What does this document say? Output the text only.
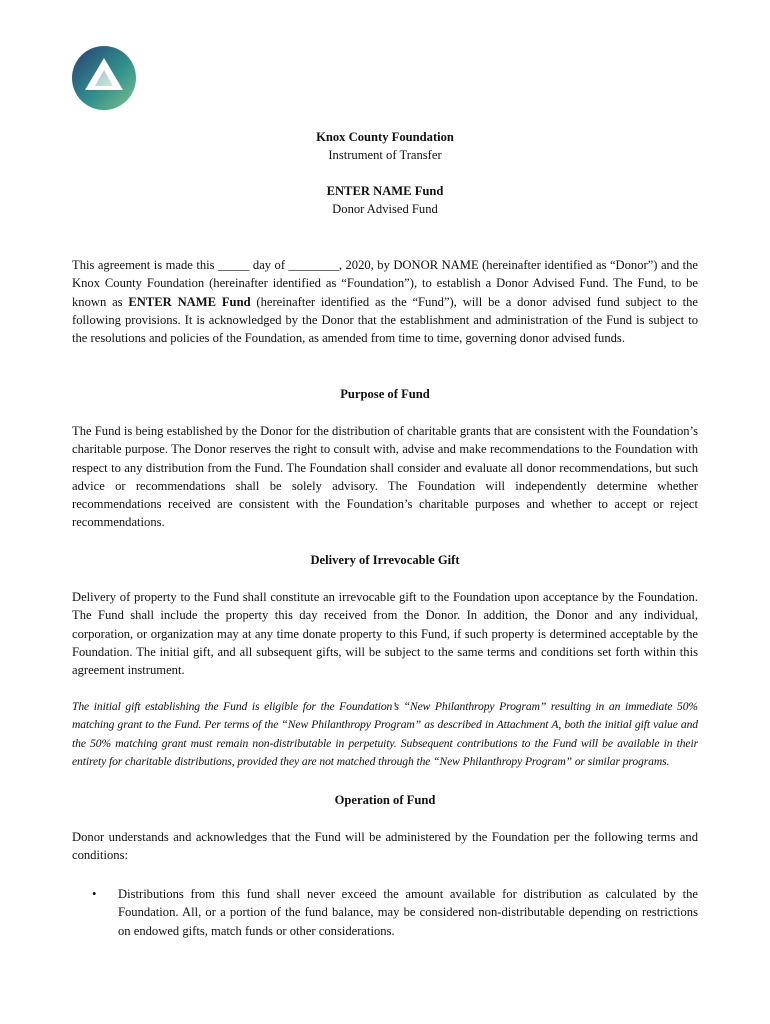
Knox County Foundation
Instrument of Transfer
ENTER NAME Fund
Donor Advised Fund

This agreement is made this _____ day of ________, 2020, by DONOR NAME (hereinafter identified as “Donor”) and the Knox County Foundation (hereinafter identified as “Foundation”), to establish a Donor Advised Fund. The Fund, to be known as ENTER NAME Fund (hereinafter identified as the “Fund”), will be a donor advised fund subject to the following provisions. It is acknowledged by the Donor that the establishment and administration of the Fund is subject to the resolutions and policies of the Foundation, as amended from time to time, governing donor advised funds.

Purpose of Fund

The Fund is being established by the Donor for the distribution of charitable grants that are consistent with the Foundation’s charitable purpose. The Donor reserves the right to consult with, advise and make recommendations to the Foundation with respect to any distribution from the Fund. The Foundation shall consider and evaluate all donor recommendations, but such advice or recommendations shall be solely advisory. The Foundation will independently determine whether recommendations received are consistent with the Foundation’s charitable purposes and whether to accept or reject recommendations.

Delivery of Irrevocable Gift

Delivery of property to the Fund shall constitute an irrevocable gift to the Foundation upon acceptance by the Foundation. The Fund shall include the property this day received from the Donor. In addition, the Donor and any individual, corporation, or organization may at any time donate property to this Fund, if such property is determined acceptable by the Foundation. The initial gift, and all subsequent gifts, will be subject to the same terms and conditions set forth within this agreement instrument.

The initial gift establishing the Fund is eligible for the Foundation’s “New Philanthropy Program” resulting in an immediate 50% matching grant to the Fund. Per terms of the “New Philanthropy Program” as described in Attachment A, both the initial gift value and the 50% matching grant must remain non-distributable in perpetuity. Subsequent contributions to the Fund will be available in their entirety for charitable distributions, provided they are not matched through the “New Philanthropy Program” or similar programs.

Operation of Fund

Donor understands and acknowledges that the Fund will be administered by the Foundation per the following terms and conditions:

• Distributions from this fund shall never exceed the amount available for distribution as calculated by the Foundation. All, or a portion of the fund balance, may be considered non-distributable depending on restrictions on endowed gifts, match funds or other considerations.
